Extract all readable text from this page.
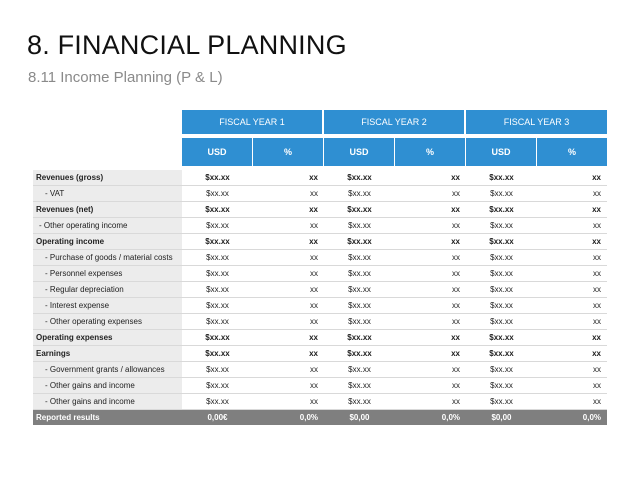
8. FINANCIAL PLANNING
8.11 Income Planning (P & L)
FISCAL YEAR 1	FISCAL YEAR 2	FISCAL YEAR 3
USD	%	USD	%	USD	%
Revenues (gross)	$xx.xx	xx	$xx.xx	xx	$xx.xx	xx
- VAT	$xx.xx	xx	$xx.xx	xx	$xx.xx	xx
Revenues (net)	$xx.xx	xx	$xx.xx	xx	$xx.xx	xx
- Other operating income	$xx.xx	xx	$xx.xx	xx	$xx.xx	xx
Operating income	$xx.xx	xx	$xx.xx	xx	$xx.xx	xx
- Purchase of goods / material costs	$xx.xx	xx	$xx.xx	xx	$xx.xx	xx
- Personnel expenses	$xx.xx	xx	$xx.xx	xx	$xx.xx	xx
- Regular depreciation	$xx.xx	xx	$xx.xx	xx	$xx.xx	xx
- Interest expense	$xx.xx	xx	$xx.xx	xx	$xx.xx	xx
- Other operating expenses	$xx.xx	xx	$xx.xx	xx	$xx.xx	xx
Operating expenses	$xx.xx	xx	$xx.xx	xx	$xx.xx	xx
Earnings	$xx.xx	xx	$xx.xx	xx	$xx.xx	xx
- Government grants / allowances	$xx.xx	xx	$xx.xx	xx	$xx.xx	xx
- Other gains and income	$xx.xx	xx	$xx.xx	xx	$xx.xx	xx
- Other gains and income	$xx.xx	xx	$xx.xx	xx	$xx.xx	xx
Reported results	0,00€	0,0%	$0,00	0,0%	$0,00	0,0%
